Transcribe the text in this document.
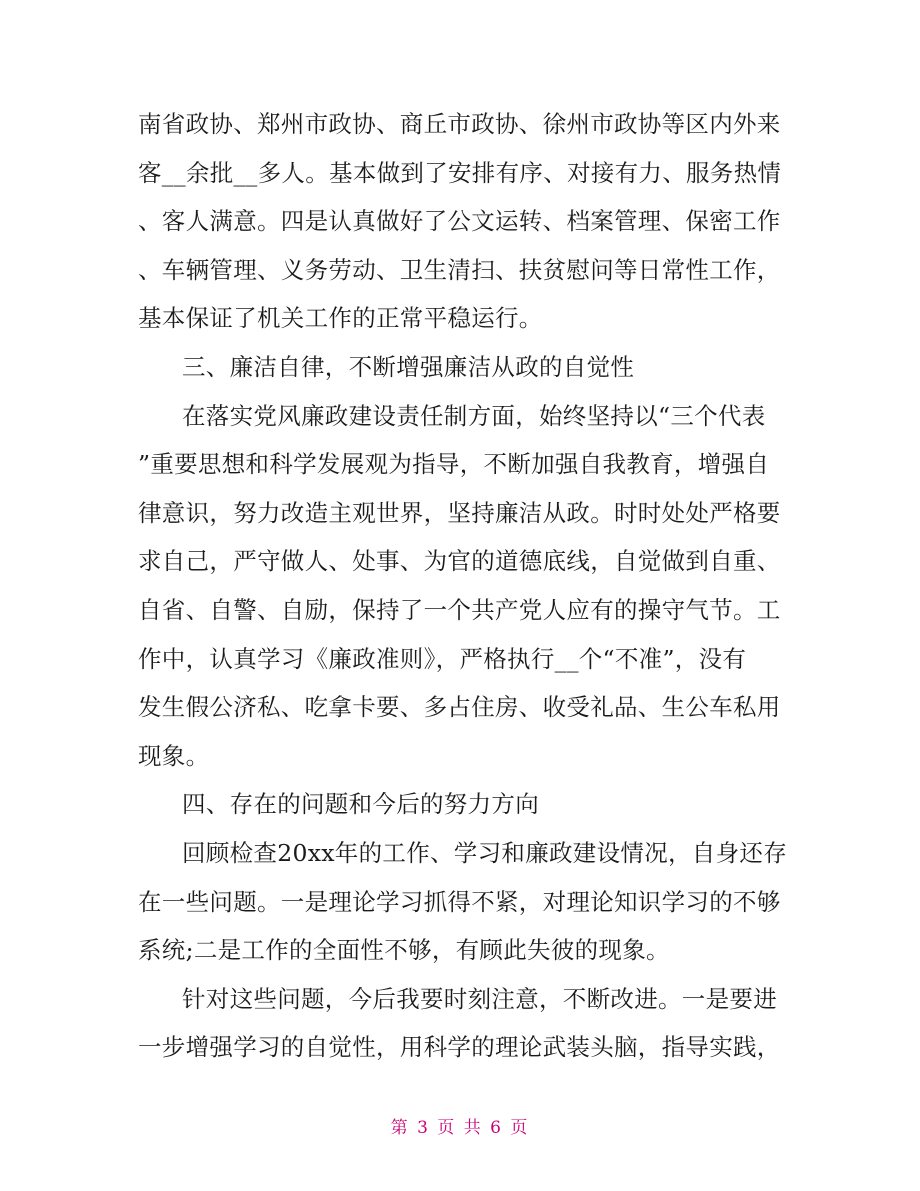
南省政协、郑州市政协、商丘市政协、徐州市政协等区内外来
客__余批__多人。基本做到了安排有序、对接有力、服务热情
、客人满意。四是认真做好了公文运转、档案管理、保密工作
、车辆管理、义务劳动、卫生清扫、扶贫慰问等日常性工作，
基本保证了机关工作的正常平稳运行。
三、廉洁自律，不断增强廉洁从政的自觉性
在落实党风廉政建设责任制方面，始终坚持以“三个代表
”重要思想和科学发展观为指导，不断加强自我教育，增强自
律意识，努力改造主观世界，坚持廉洁从政。时时处处严格要
求自己，严守做人、处事、为官的道德底线，自觉做到自重、
自省、自警、自励，保持了一个共产党人应有的操守气节。工
作中，认真学习《廉政准则》，严格执行__个“不准”，没有
发生假公济私、吃拿卡要、多占住房、收受礼品、生公车私用
现象。
四、存在的问题和今后的努力方向
回顾检查20xx年的工作、学习和廉政建设情况，自身还存
在一些问题。一是理论学习抓得不紧，对理论知识学习的不够
系统;二是工作的全面性不够，有顾此失彼的现象。
针对这些问题，今后我要时刻注意，不断改进。一是要进
一步增强学习的自觉性，用科学的理论武装头脑，指导实践，
第 3 页 共 6 页
